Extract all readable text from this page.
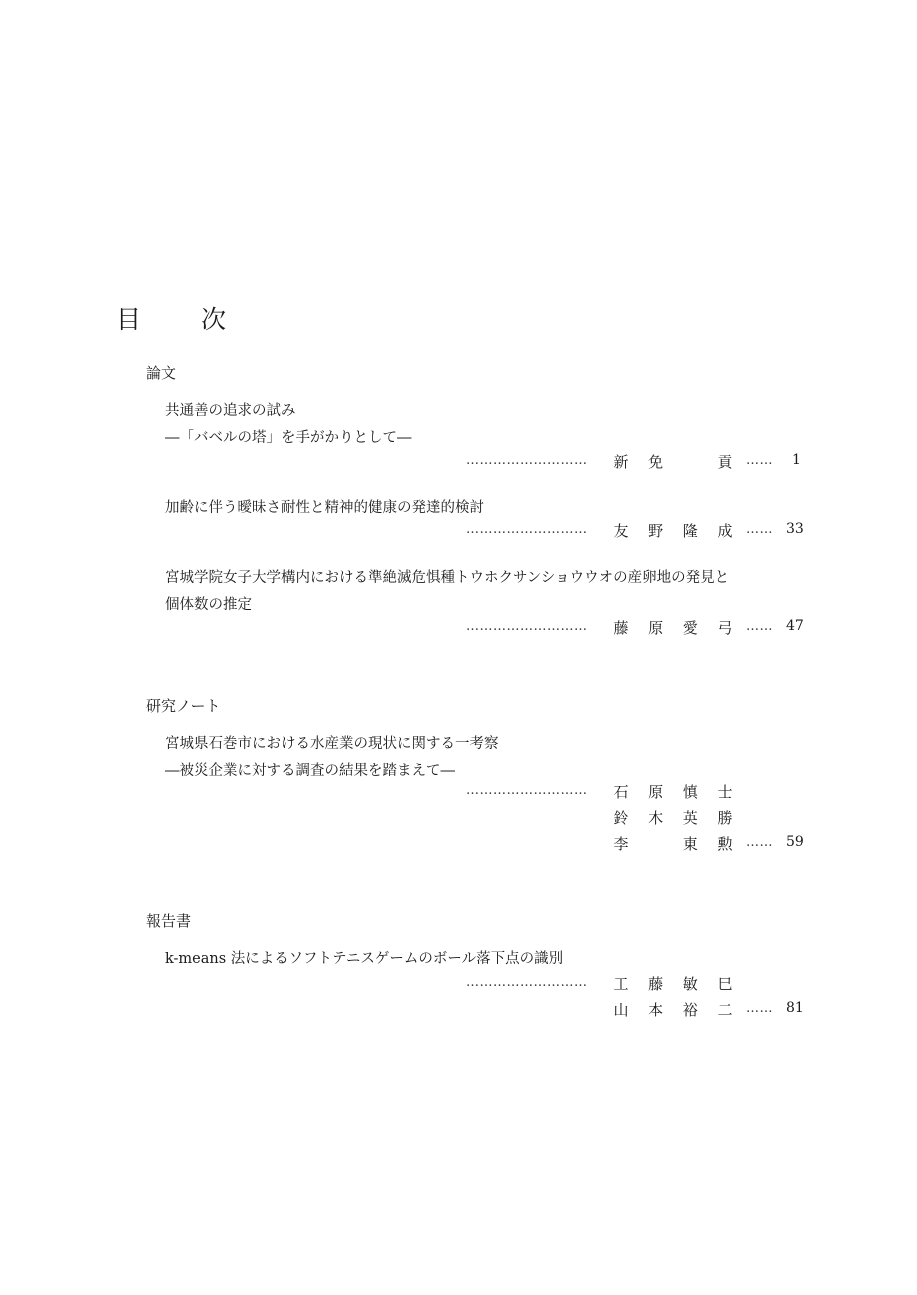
目 次
論文
共通善の追求の試み
―「バベルの塔」を手がかりとして―
……………………… 新 免	貢 …… 1
加齢に伴う曖昧さ耐性と精神的健康の発達的検討
……………………… 友 野 隆 成 …… 33
宮城学院女子大学構内における準絶滅危惧種トウホクサンショウウオの産卵地の発見と
個体数の推定
……………………… 藤 原 愛 弓 …… 47
研究ノート
宮城県石巻市における水産業の現状に関する一考察
―被災企業に対する調査の結果を踏まえて―
……………………… 石 原 慎 士
鈴 木 英 勝
李	東 勲 …… 59
報告書
k-means 法によるソフトテニスゲームのボール落下点の識別
……………………… 工 藤 敏 巳
山 本 裕 二 …… 81
